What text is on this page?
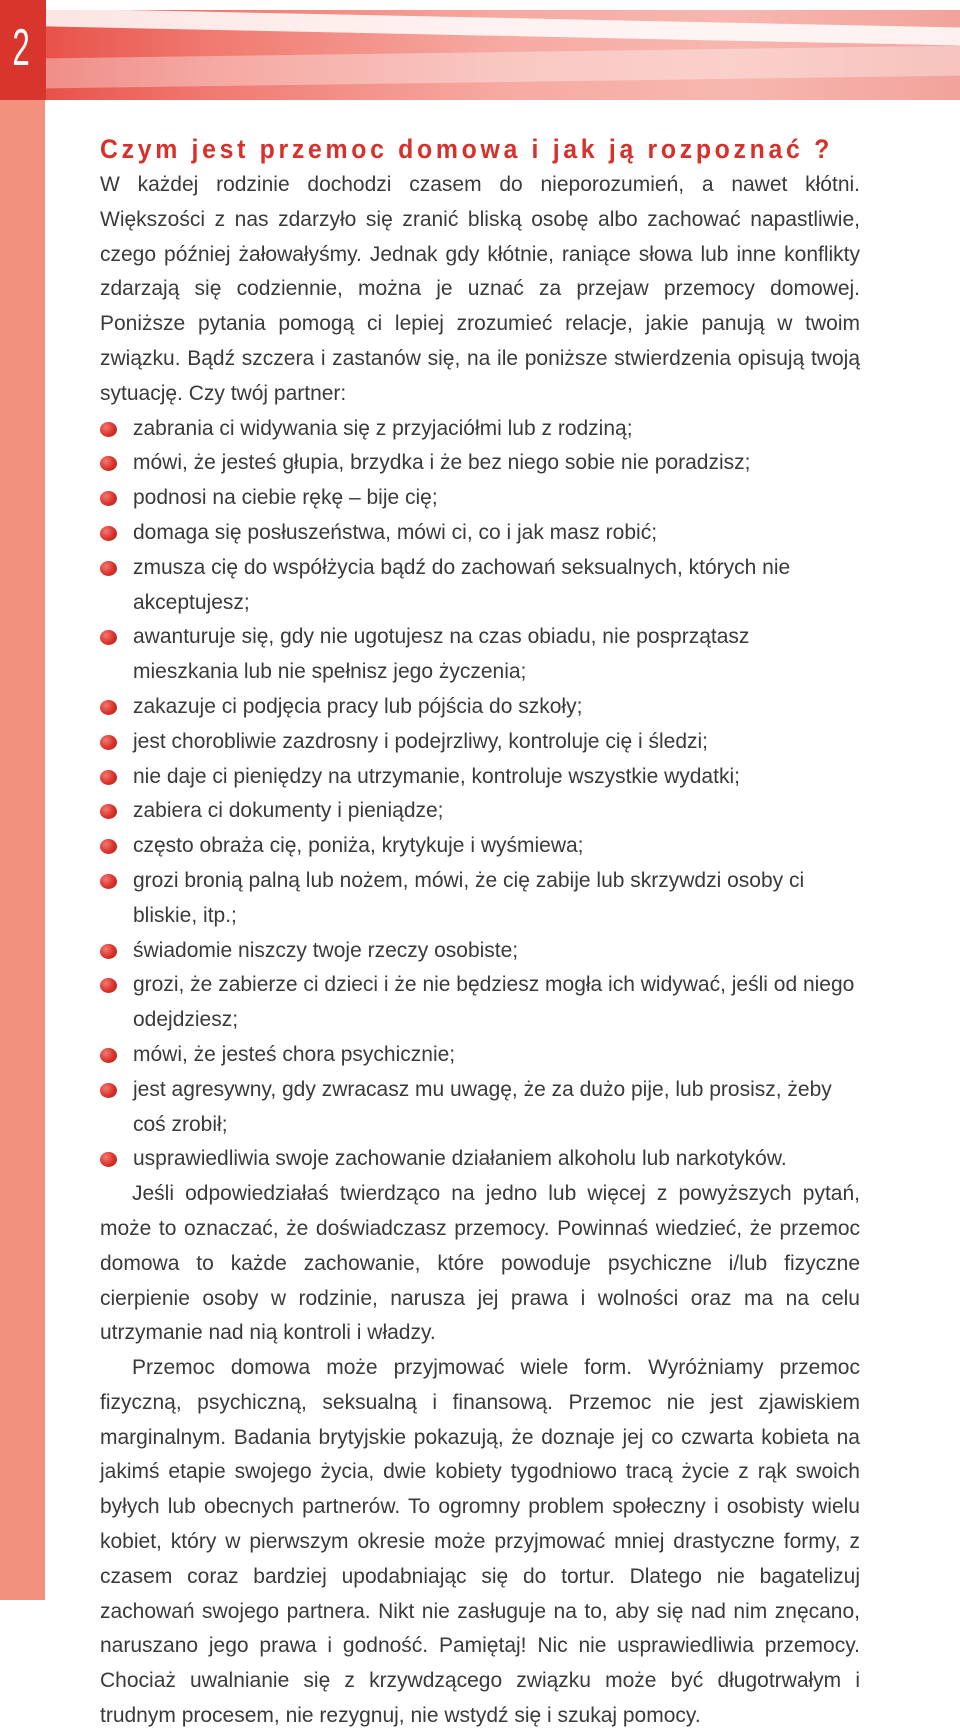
2
Czym jest przemoc domowa i jak ją rozpoznać ?

W każdej rodzinie dochodzi czasem do nieporozumień, a nawet kłótni. Większości z nas zdarzyło się zranić bliską osobę albo zachować napastliwie, czego później żałowałyśmy. Jednak gdy kłótnie, raniące słowa lub inne konflikty zdarzają się codziennie, można je uznać za przejaw przemocy domowej. Poniższe pytania pomogą ci lepiej zrozumieć relacje, jakie panują w twoim związku. Bądź szczera i zastanów się, na ile poniższe stwierdzenia opisują twoją sytuację. Czy twój partner:

zabrania ci widywania się z przyjaciółmi lub z rodziną;
mówi, że jesteś głupia, brzydka i że bez niego sobie nie poradzisz;
podnosi na ciebie rękę – bije cię;
domaga się posłuszeństwa, mówi ci, co i jak masz robić;
zmusza cię do współżycia bądź do zachowań seksualnych, których nie akceptujesz;
awanturuje się, gdy nie ugotujesz na czas obiadu, nie posprzątasz mieszkania lub nie spełnisz jego życzenia;
zakazuje ci podjęcia pracy lub pójścia do szkoły;
jest chorobliwie zazdrosny i podejrzliwy, kontroluje cię i śledzi;
nie daje ci pieniędzy na utrzymanie, kontroluje wszystkie wydatki;
zabiera ci dokumenty i pieniądze;
często obraża cię, poniża, krytykuje i wyśmiewa;
grozi bronią palną lub nożem, mówi, że cię zabije lub skrzywdzi osoby ci bliskie, itp.;
świadomie niszczy twoje rzeczy osobiste;
grozi, że zabierze ci dzieci i że nie będziesz mogła ich widywać, jeśli od niego odejdziesz;
mówi, że jesteś chora psychicznie;
jest agresywny, gdy zwracasz mu uwagę, że za dużo pije, lub prosisz, żeby coś zrobił;
usprawiedliwia swoje zachowanie działaniem alkoholu lub narkotyków.

Jeśli odpowiedziałaś twierdząco na jedno lub więcej z powyższych pytań, może to oznaczać, że doświadczasz przemocy. Powinnaś wiedzieć, że przemoc domowa to każde zachowanie, które powoduje psychiczne i/lub fizyczne cierpienie osoby w rodzinie, narusza jej prawa i wolności oraz ma na celu utrzymanie nad nią kontroli i władzy.

Przemoc domowa może przyjmować wiele form. Wyróżniamy przemoc fizyczną, psychiczną, seksualną i finansową. Przemoc nie jest zjawiskiem marginalnym. Badania brytyjskie pokazują, że doznaje jej co czwarta kobieta na jakimś etapie swojego życia, dwie kobiety tygodniowo tracą życie z rąk swoich byłych lub obecnych partnerów. To ogromny problem społeczny i osobisty wielu kobiet, który w pierwszym okresie może przyjmować mniej drastyczne formy, z czasem coraz bardziej upodabniając się do tortur. Dlatego nie bagatelizuj zachowań swojego partnera. Nikt nie zasługuje na to, aby się nad nim znęcano, naruszano jego prawa i godność. Pamiętaj! Nic nie usprawiedliwia przemocy. Chociaż uwalnianie się z krzywdzącego związku może być długotrwałym i trudnym procesem, nie rezygnuj, nie wstydź się i szukaj pomocy.
